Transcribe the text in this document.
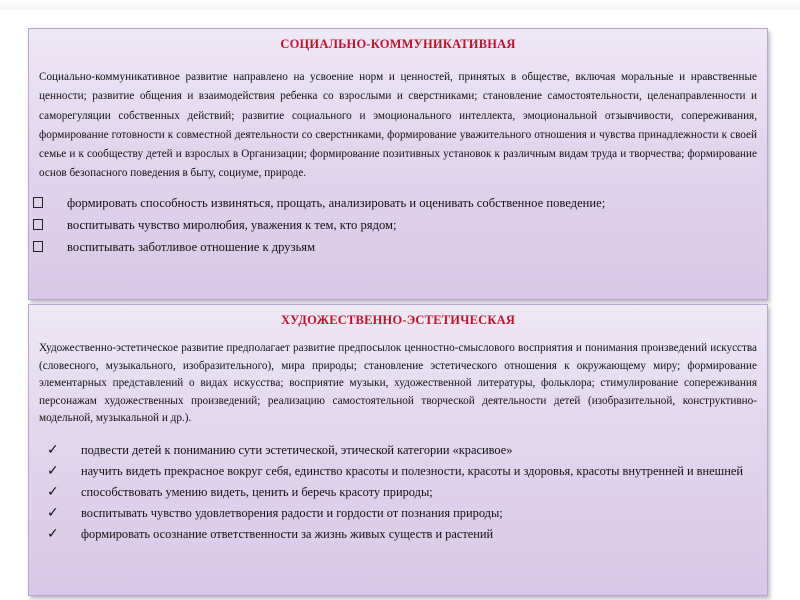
СОЦИАЛЬНО-КОММУНИКАТИВНАЯ
Социально-коммуникативное развитие направлено на усвоение норм и ценностей, принятых в обществе, включая моральные и нравственные ценности; развитие общения и взаимодействия ребенка со взрослыми и сверстниками; становление самостоятельности, целенаправленности и саморегуляции собственных действий; развитие социального и эмоционального интеллекта, эмоциональной отзывчивости, сопереживания, формирование готовности к совместной деятельности со сверстниками, формирование уважительного отношения и чувства принадлежности к своей семье и к сообществу детей и взрослых в Организации; формирование позитивных установок к различным видам труда и творчества; формирование основ безопасного поведения в быту, социуме, природе.
формировать способность извиняться, прощать, анализировать и оценивать собственное поведение;
воспитывать чувство миролюбия, уважения к тем, кто рядом;
воспитывать заботливое отношение к друзьям
ХУДОЖЕСТВЕННО-ЭСТЕТИЧЕСКАЯ
Художественно-эстетическое развитие предполагает развитие предпосылок ценностно-смыслового восприятия и понимания произведений искусства (словесного, музыкального, изобразительного), мира природы; становление эстетического отношения к окружающему миру; формирование элементарных представлений о видах искусства; восприятие музыки, художественной литературы, фольклора; стимулирование сопереживания персонажам художественных произведений; реализацию самостоятельной творческой деятельности детей (изобразительной, конструктивно-модельной, музыкальной и др.).
✓ подвести детей к пониманию сути эстетической, этической категории «красивое»
✓ научить видеть прекрасное вокруг себя, единство красоты и полезности, красоты и здоровья, красоты внутренней и внешней
✓ способствовать умению видеть, ценить и беречь красоту природы;
✓ воспитывать чувство удовлетворения радости и гордости от познания природы;
✓ формировать осознание ответственности за жизнь живых существ и растений
